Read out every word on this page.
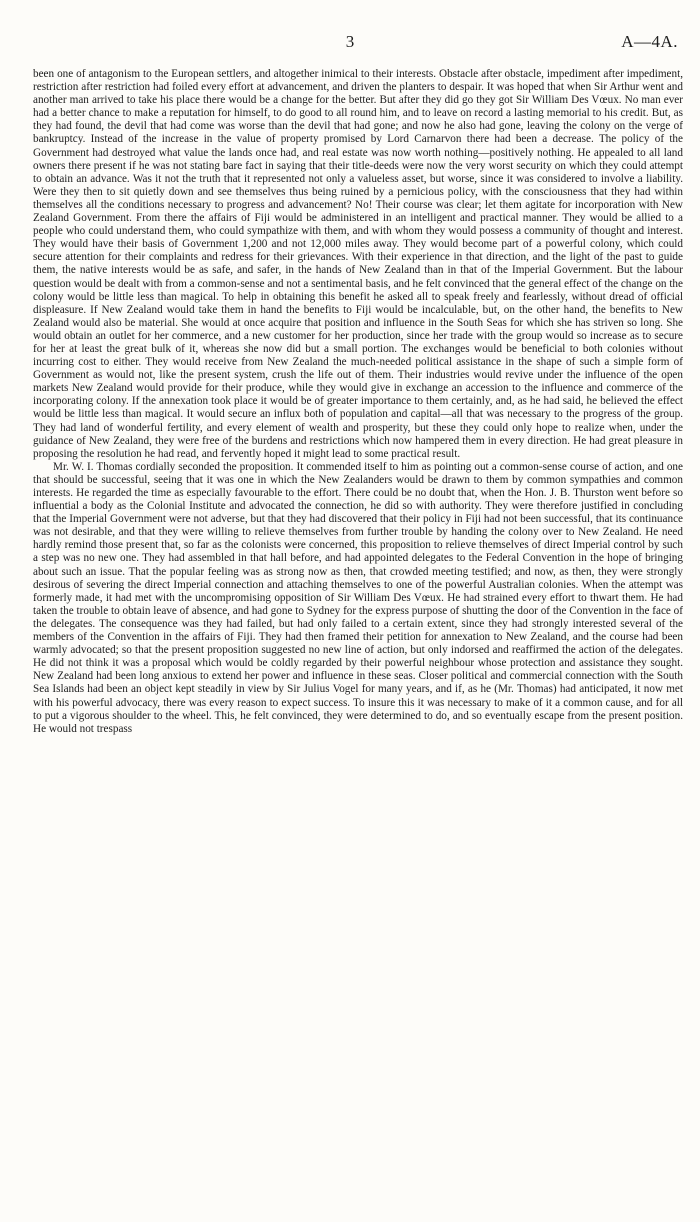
3	A—4A.

been one of antagonism to the European settlers, and altogether inimical to their interests. Obstacle after obstacle, impediment after impediment, restriction after restriction had foiled every effort at advancement, and driven the planters to despair. It was hoped that when Sir Arthur went and another man arrived to take his place there would be a change for the better. But after they did go they got Sir William Des Vœux. No man ever had a better chance to make a reputation for himself, to do good to all round him, and to leave on record a lasting memorial to his credit. But, as they had found, the devil that had come was worse than the devil that had gone; and now he also had gone, leaving the colony on the verge of bankruptcy. Instead of the increase in the value of property promised by Lord Carnarvon there had been a decrease. The policy of the Government had destroyed what value the lands once had, and real estate was now worth nothing—positively nothing. He appealed to all land owners there present if he was not stating bare fact in saying that their title-deeds were now the very worst security on which they could attempt to obtain an advance. Was it not the truth that it represented not only a valueless asset, but worse, since it was considered to involve a liability. Were they then to sit quietly down and see themselves thus being ruined by a pernicious policy, with the consciousness that they had within themselves all the conditions necessary to progress and advancement? No! Their course was clear; let them agitate for incorporation with New Zealand Government. From there the affairs of Fiji would be administered in an intelligent and practical manner. They would be allied to a people who could understand them, who could sympathize with them, and with whom they would possess a community of thought and interest. They would have their basis of Government 1,200 and not 12,000 miles away. They would become part of a powerful colony, which could secure attention for their complaints and redress for their grievances. With their experience in that direction, and the light of the past to guide them, the native interests would be as safe, and safer, in the hands of New Zealand than in that of the Imperial Government. But the labour question would be dealt with from a common-sense and not a sentimental basis, and he felt convinced that the general effect of the change on the colony would be little less than magical. To help in obtaining this benefit he asked all to speak freely and fearlessly, without dread of official displeasure. If New Zealand would take them in hand the benefits to Fiji would be incalculable, but, on the other hand, the benefits to New Zealand would also be material. She would at once acquire that position and influence in the South Seas for which she has striven so long. She would obtain an outlet for her commerce, and a new customer for her production, since her trade with the group would so increase as to secure for her at least the great bulk of it, whereas she now did but a small portion. The exchanges would be beneficial to both colonies without incurring cost to either. They would receive from New Zealand the much-needed political assistance in the shape of such a simple form of Government as would not, like the present system, crush the life out of them. Their industries would revive under the influence of the open markets New Zealand would provide for their produce, while they would give in exchange an accession to the influence and commerce of the incorporating colony. If the annexation took place it would be of greater importance to them certainly, and, as he had said, he believed the effect would be little less than magical. It would secure an influx both of population and capital—all that was necessary to the progress of the group. They had land of wonderful fertility, and every element of wealth and prosperity, but these they could only hope to realize when, under the guidance of New Zealand, they were free of the burdens and restrictions which now hampered them in every direction. He had great pleasure in proposing the resolution he had read, and fervently hoped it might lead to some practical result.

Mr. W. I. Thomas cordially seconded the proposition. It commended itself to him as pointing out a common-sense course of action, and one that should be successful, seeing that it was one in which the New Zealanders would be drawn to them by common sympathies and common interests. He regarded the time as especially favourable to the effort. There could be no doubt that, when the Hon. J. B. Thurston went before so influential a body as the Colonial Institute and advocated the connection, he did so with authority. They were therefore justified in concluding that the Imperial Government were not adverse, but that they had discovered that their policy in Fiji had not been successful, that its continuance was not desirable, and that they were willing to relieve themselves from further trouble by handing the colony over to New Zealand. He need hardly remind those present that, so far as the colonists were concerned, this proposition to relieve themselves of direct Imperial control by such a step was no new one. They had assembled in that hall before, and had appointed delegates to the Federal Convention in the hope of bringing about such an issue. That the popular feeling was as strong now as then, that crowded meeting testified; and now, as then, they were strongly desirous of severing the direct Imperial connection and attaching themselves to one of the powerful Australian colonies. When the attempt was formerly made, it had met with the uncompromising opposition of Sir William Des Vœux. He had strained every effort to thwart them. He had taken the trouble to obtain leave of absence, and had gone to Sydney for the express purpose of shutting the door of the Convention in the face of the delegates. The consequence was they had failed, but had only failed to a certain extent, since they had strongly interested several of the members of the Convention in the affairs of Fiji. They had then framed their petition for annexation to New Zealand, and the course had been warmly advocated; so that the present proposition suggested no new line of action, but only indorsed and reaffirmed the action of the delegates. He did not think it was a proposal which would be coldly regarded by their powerful neighbour whose protection and assistance they sought. New Zealand had been long anxious to extend her power and influence in these seas. Closer political and commercial connection with the South Sea Islands had been an object kept steadily in view by Sir Julius Vogel for many years, and if, as he (Mr. Thomas) had anticipated, it now met with his powerful advocacy, there was every reason to expect success. To insure this it was necessary to make of it a common cause, and for all to put a vigorous shoulder to the wheel. This, he felt convinced, they were determined to do, and so eventually escape from the present position. He would not trespass
